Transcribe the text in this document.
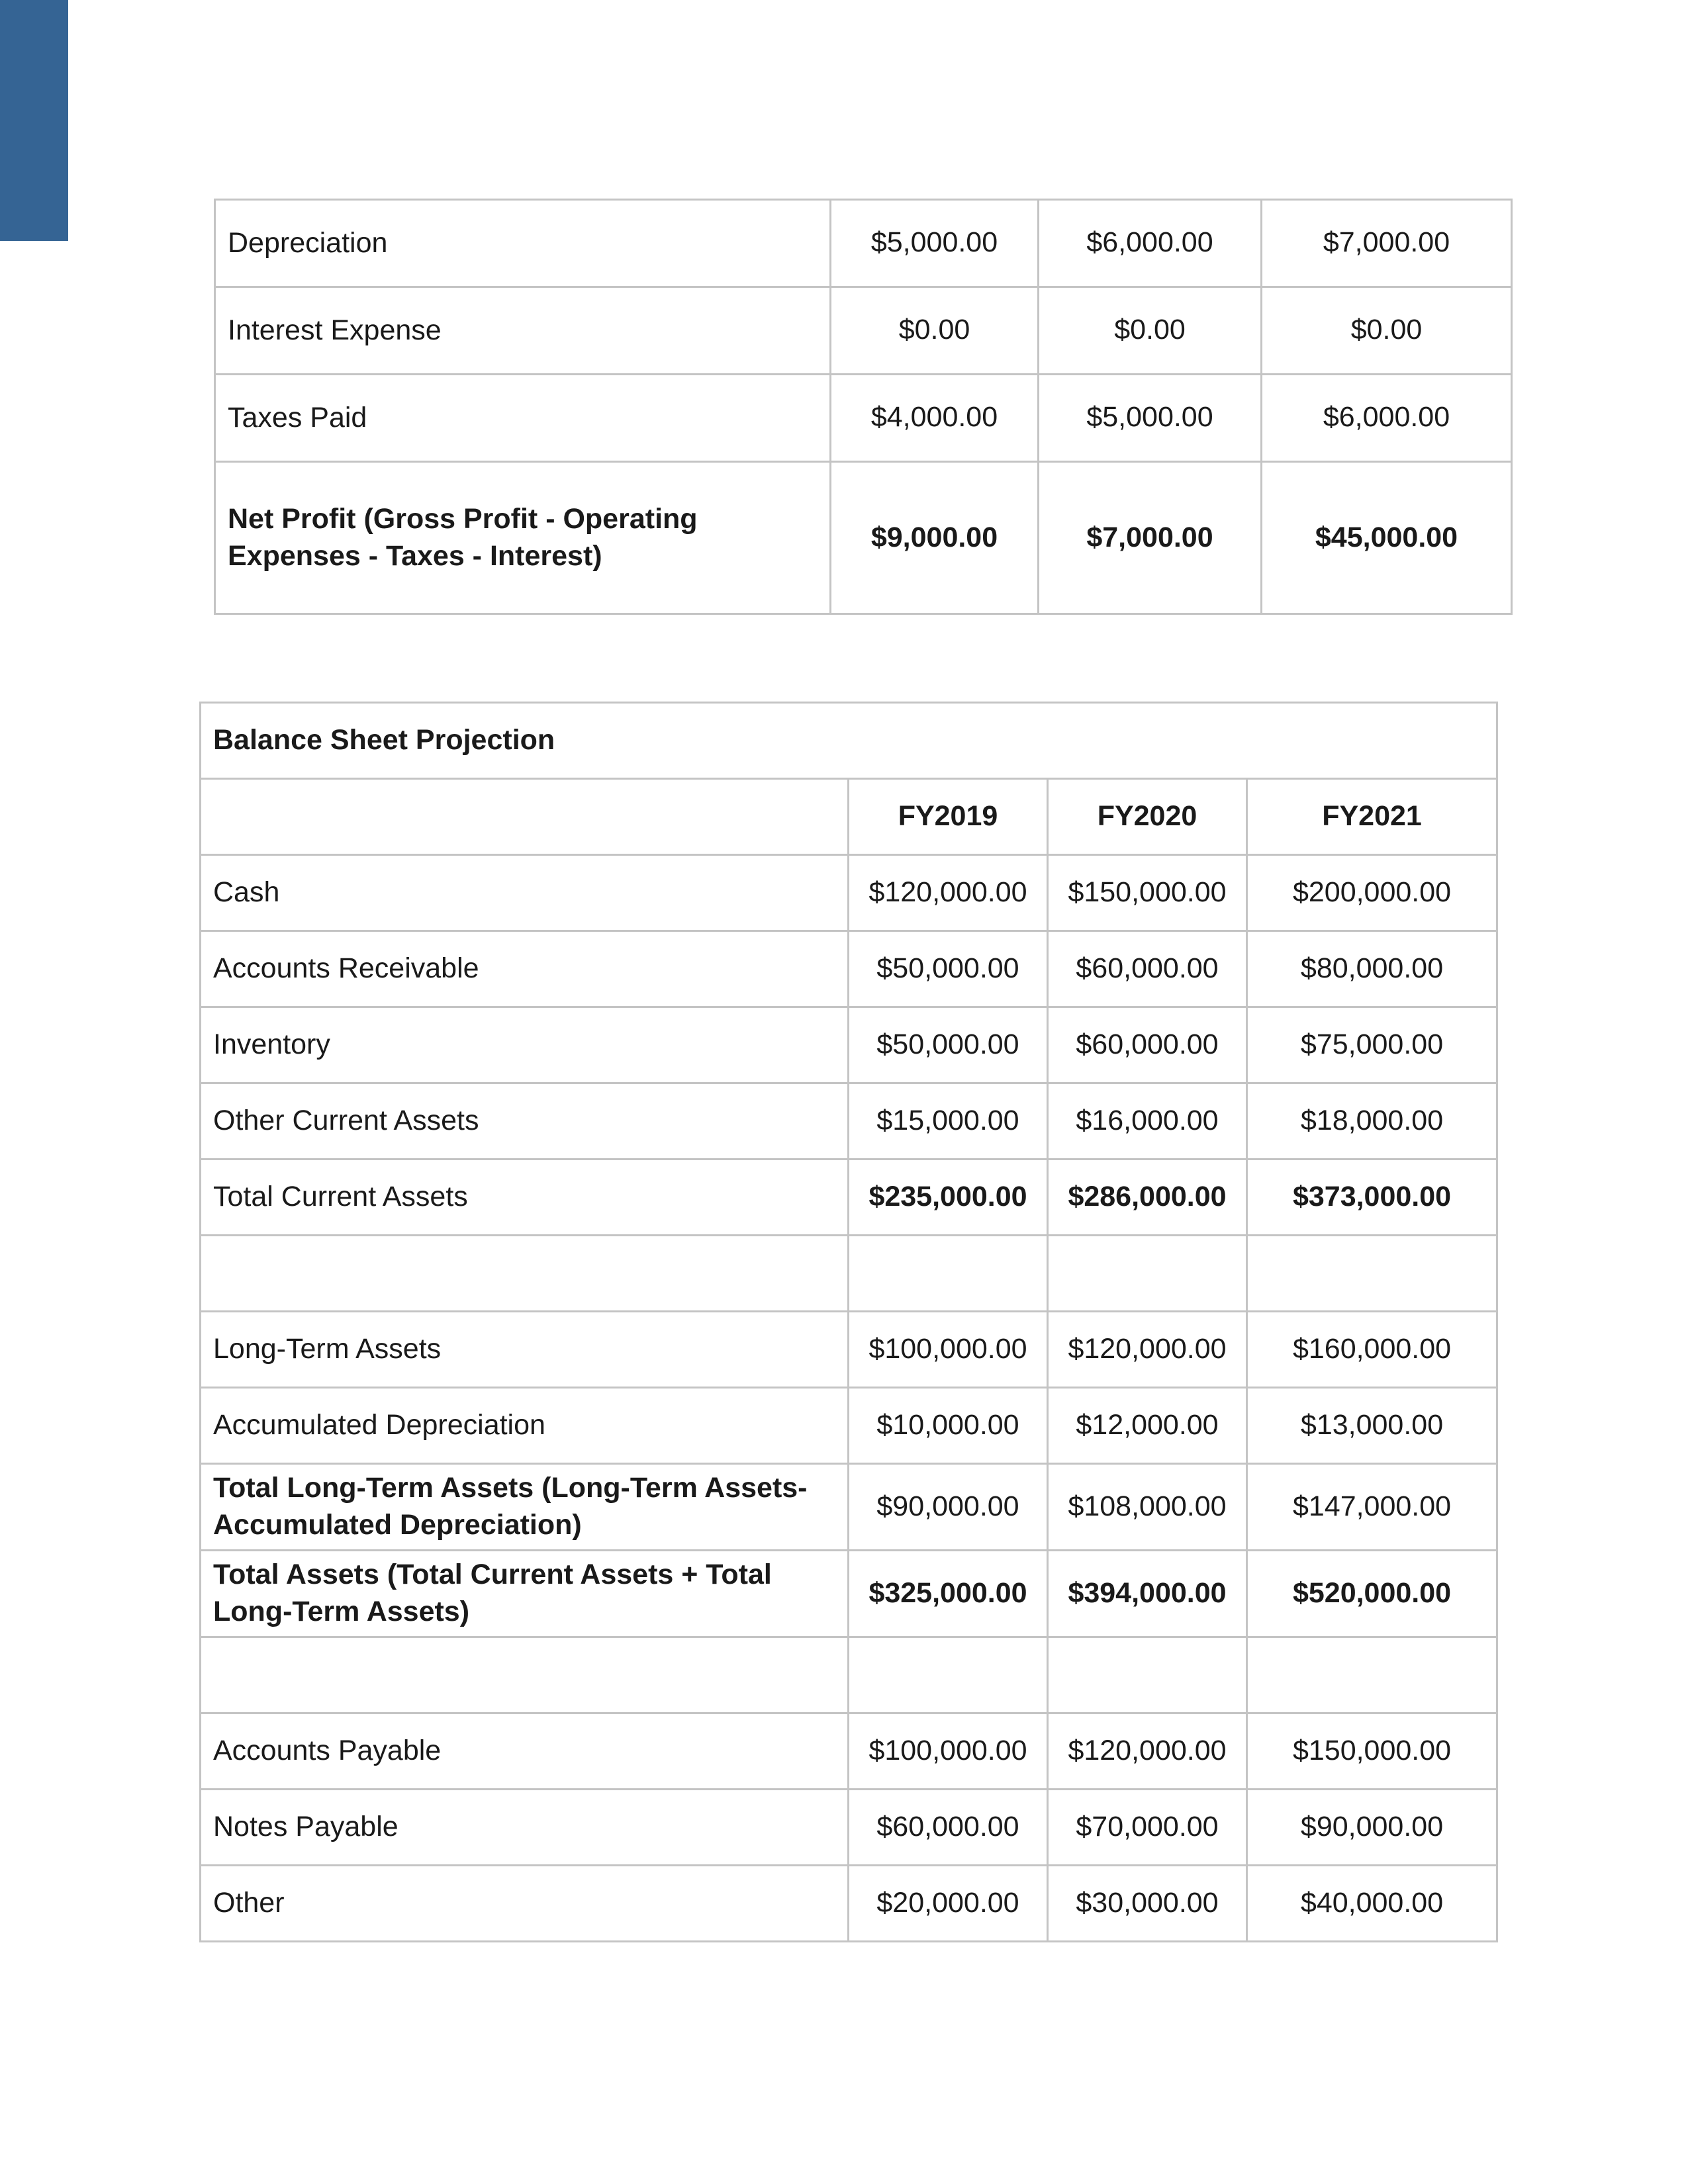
Depreciation	$5,000.00	$6,000.00	$7,000.00
Interest Expense	$0.00	$0.00	$0.00
Taxes Paid	$4,000.00	$5,000.00	$6,000.00
Net Profit (Gross Profit - Operating Expenses - Taxes - Interest)	$9,000.00	$7,000.00	$45,000.00
Balance Sheet Projection			
	FY2019	FY2020	FY2021
Cash	$120,000.00	$150,000.00	$200,000.00
Accounts Receivable	$50,000.00	$60,000.00	$80,000.00
Inventory	$50,000.00	$60,000.00	$75,000.00
Other Current Assets	$15,000.00	$16,000.00	$18,000.00
Total Current Assets	$235,000.00	$286,000.00	$373,000.00

Long-Term Assets	$100,000.00	$120,000.00	$160,000.00
Accumulated Depreciation	$10,000.00	$12,000.00	$13,000.00
Total Long-Term Assets (Long-Term Assets-Accumulated Depreciation)	$90,000.00	$108,000.00	$147,000.00
Total Assets (Total Current Assets + Total Long-Term Assets)	$325,000.00	$394,000.00	$520,000.00

Accounts Payable	$100,000.00	$120,000.00	$150,000.00
Notes Payable	$60,000.00	$70,000.00	$90,000.00
Other	$20,000.00	$30,000.00	$40,000.00
